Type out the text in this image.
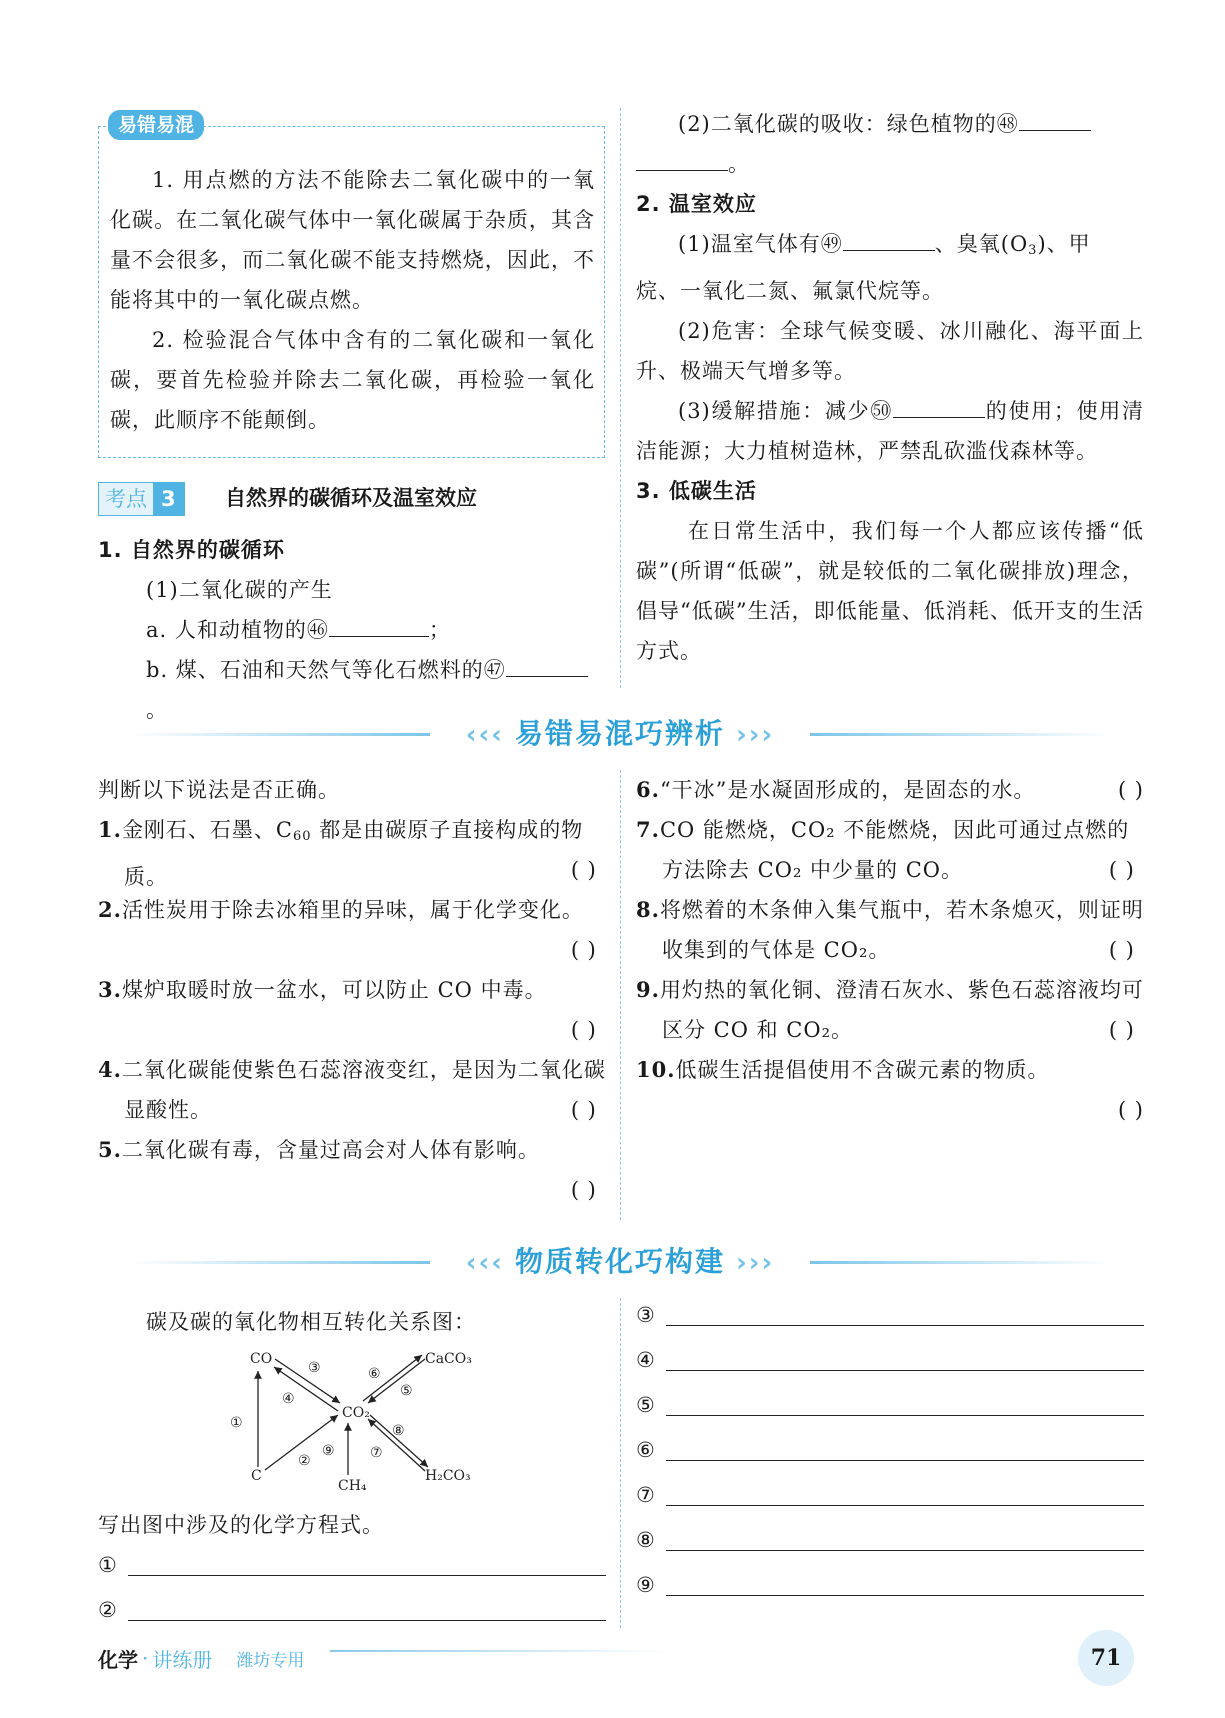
易错易混
1. 用点燃的方法不能除去二氧化碳中的一氧化碳。在二氧化碳气体中一氧化碳属于杂质，其含量不会很多，而二氧化碳不能支持燃烧，因此，不能将其中的一氧化碳点燃。
2. 检验混合气体中含有的二氧化碳和一氧化碳，要首先检验并除去二氧化碳，再检验一氧化碳，此顺序不能颠倒。
考点 3	自然界的碳循环及温室效应
1. 自然界的碳循环
(1)二氧化碳的产生
a. 人和动植物的㊻	；
b. 煤、石油和天然气等化石燃料的㊼。
(2)二氧化碳的吸收：绿色植物的㊽
。
2. 温室效应
(1)温室气体有㊾	、臭氧$(O_3)$、甲
烷、一氧化二氮、氟氯代烷等。
(2)危害：全球气候变暖、冰川融化、海平面上升、极端天气增多等。
(3)缓解措施：减少㊿	的使用；使用清洁能源；大力植树造林，严禁乱砍滥伐森林等。
3. 低碳生活
在日常生活中，我们每一个人都应该传播“低碳”(所谓“低碳”，就是较低的二氧化碳排放)理念，倡导“低碳”生活，即低能量、低消耗、低开支的生活方式。
‹‹‹ 易错易混巧辨析 ›››
判断以下说法是否正确。
1.金刚石、石墨、$C_{60}$ 都是由碳原子直接构成的物质。	( )
2.活性炭用于除去冰箱里的异味，属于化学变化。
( )
3.煤炉取暖时放一盆水，可以防止 CO 中毒。
( )
4.二氧化碳能使紫色石蕊溶液变红，是因为二氧化碳显酸性。	( )
5.二氧化碳有毒，含量过高会对人体有影响。
( )
6.“干冰”是水凝固形成的，是固态的水。	( )
7.CO 能燃烧，CO₂ 不能燃烧，因此可通过点燃的方法除去 CO₂ 中少量的 CO。	( )
8.将燃着的木条伸入集气瓶中，若木条熄灭，则证明收集到的气体是 CO₂。	( )
9.用灼热的氧化铜、澄清石灰水、紫色石蕊溶液均可区分 CO 和 CO₂。	( )
10.低碳生活提倡使用不含碳元素的物质。
( )
‹‹‹ 物质转化巧构建 ›››
碳及碳的氧化物相互转化关系图：
CO	CaCO₃
CO₂
C
CH₄
H₂CO₃
①
②
③
④	⑤
⑥
⑦
⑧
⑨
写出图中涉及的化学方程式。
①
②
③
④
⑤
⑥
⑦
⑧
⑨
化学 · 讲练册 潍坊专用	71
